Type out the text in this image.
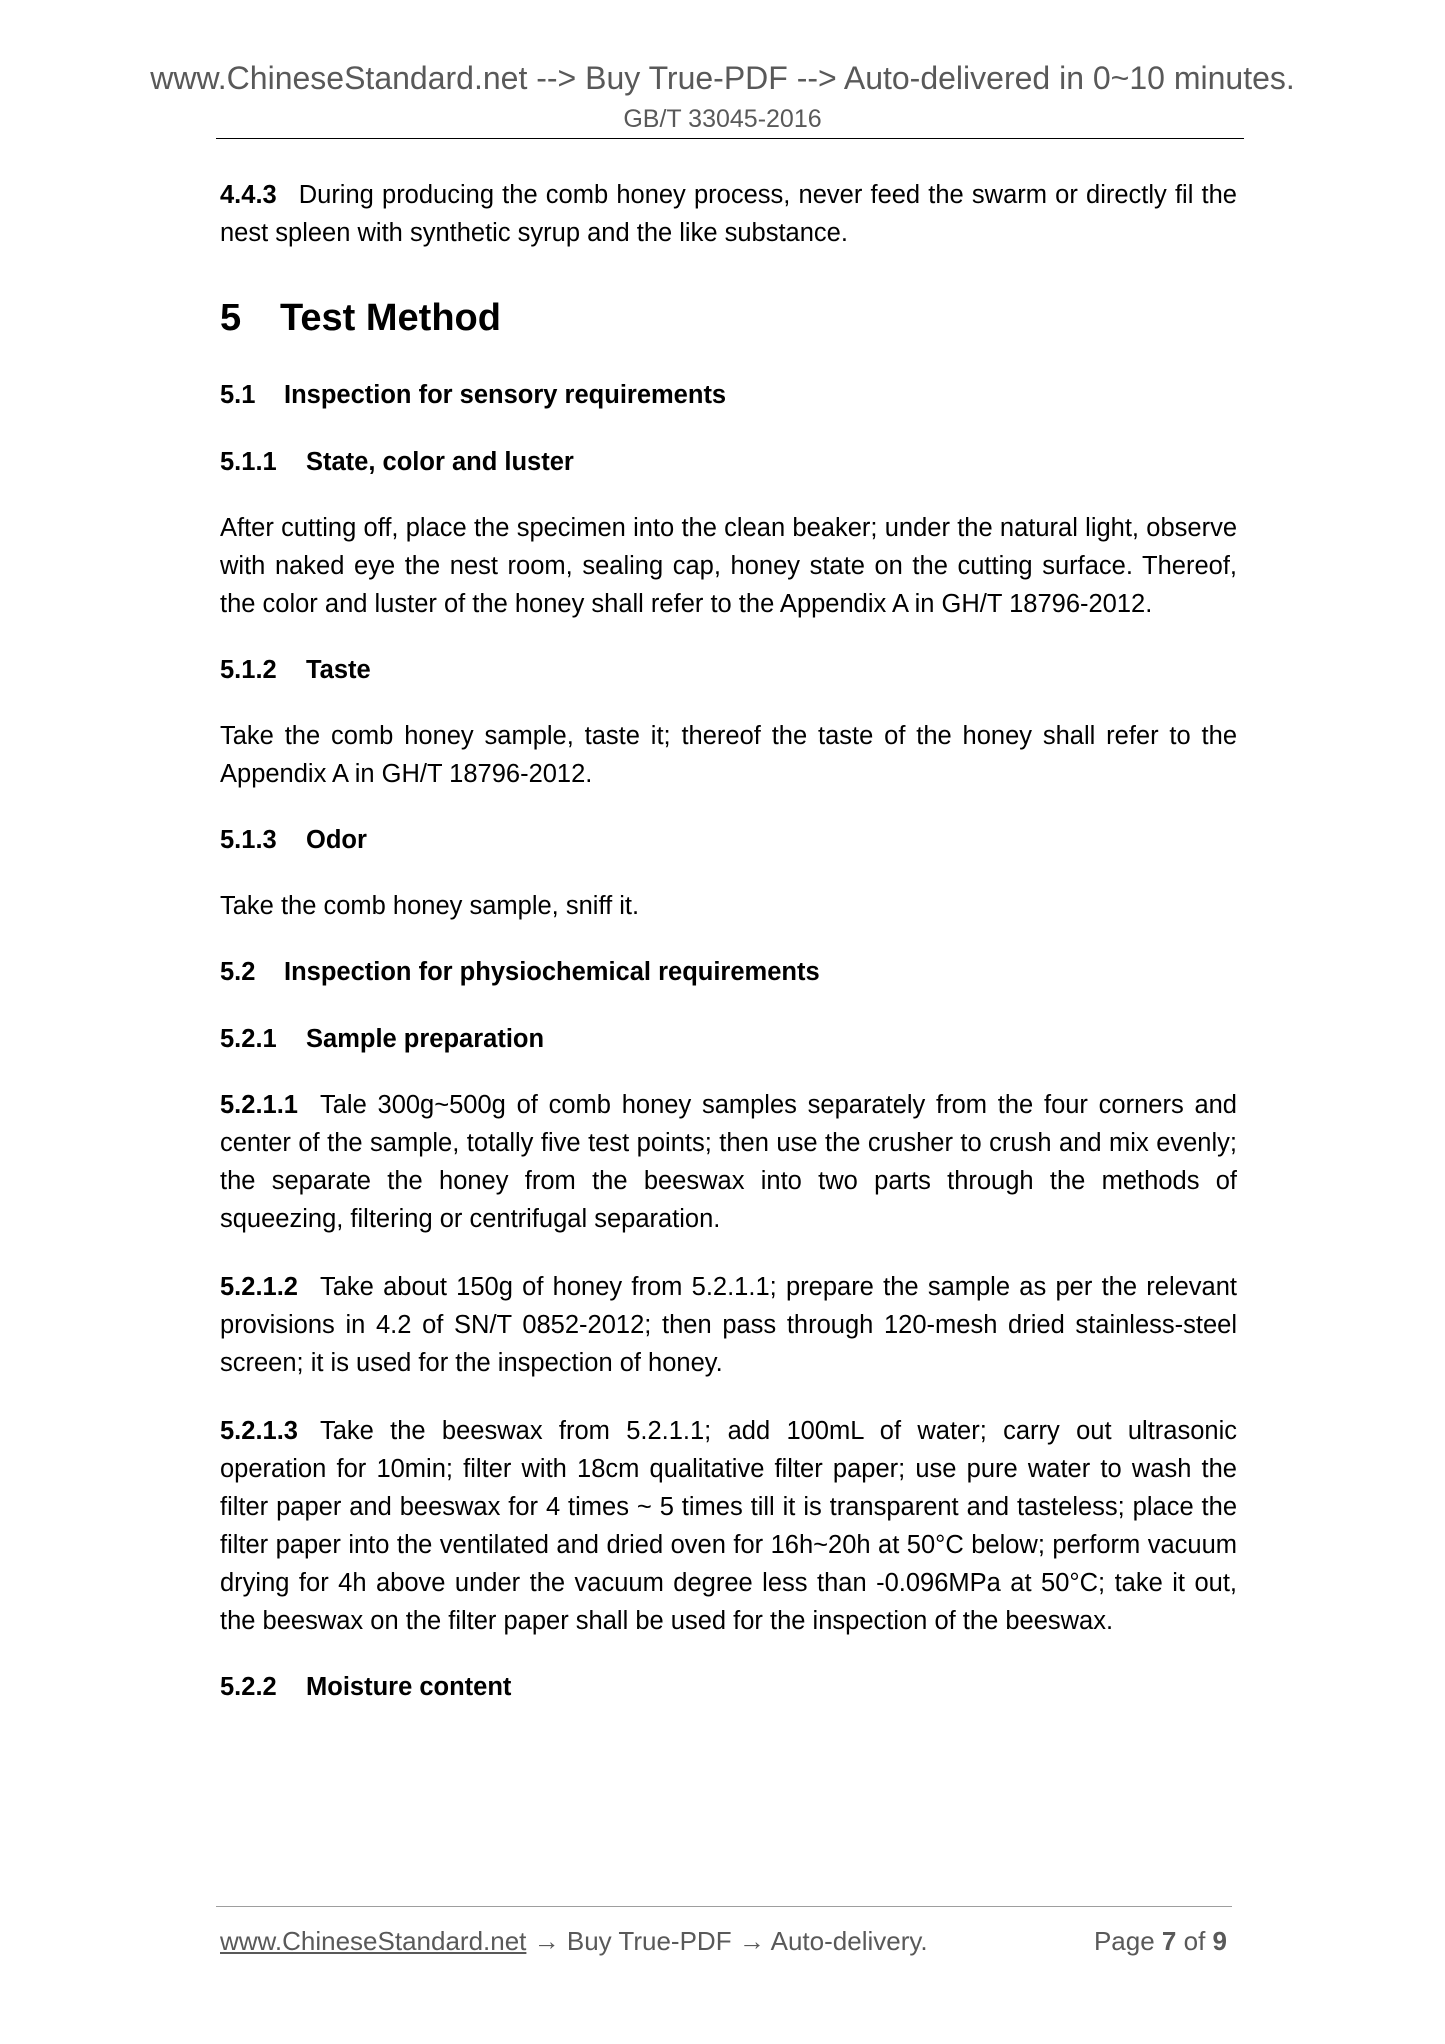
www.ChineseStandard.net --> Buy True-PDF --> Auto-delivered in 0~10 minutes.
GB/T 33045-2016

4.4.3 During producing the comb honey process, never feed the swarm or directly fil the nest spleen with synthetic syrup and the like substance.

5 Test Method
5.1 Inspection for sensory requirements
5.1.1 State, color and luster

After cutting off, place the specimen into the clean beaker; under the natural light, observe with naked eye the nest room, sealing cap, honey state on the cutting surface. Thereof, the color and luster of the honey shall refer to the Appendix A in GH/T 18796-2012.

5.1.2 Taste

Take the comb honey sample, taste it; thereof the taste of the honey shall refer to the Appendix A in GH/T 18796-2012.

5.1.3 Odor

Take the comb honey sample, sniff it.

5.2 Inspection for physiochemical requirements
5.2.1 Sample preparation

5.2.1.1 Tale 300g~500g of comb honey samples separately from the four corners and center of the sample, totally five test points; then use the crusher to crush and mix evenly; the separate the honey from the beeswax into two parts through the methods of squeezing, filtering or centrifugal separation.

5.2.1.2 Take about 150g of honey from 5.2.1.1; prepare the sample as per the relevant provisions in 4.2 of SN/T 0852-2012; then pass through 120-mesh dried stainless-steel screen; it is used for the inspection of honey.

5.2.1.3 Take the beeswax from 5.2.1.1; add 100mL of water; carry out ultrasonic operation for 10min; filter with 18cm qualitative filter paper; use pure water to wash the filter paper and beeswax for 4 times ~ 5 times till it is transparent and tasteless; place the filter paper into the ventilated and dried oven for 16h~20h at 50°C below; perform vacuum drying for 4h above under the vacuum degree less than -0.096MPa at 50°C; take it out, the beeswax on the filter paper shall be used for the inspection of the beeswax.

5.2.2 Moisture content
www.ChineseStandard.net → Buy True-PDF → Auto-delivery.	Page 7 of 9
